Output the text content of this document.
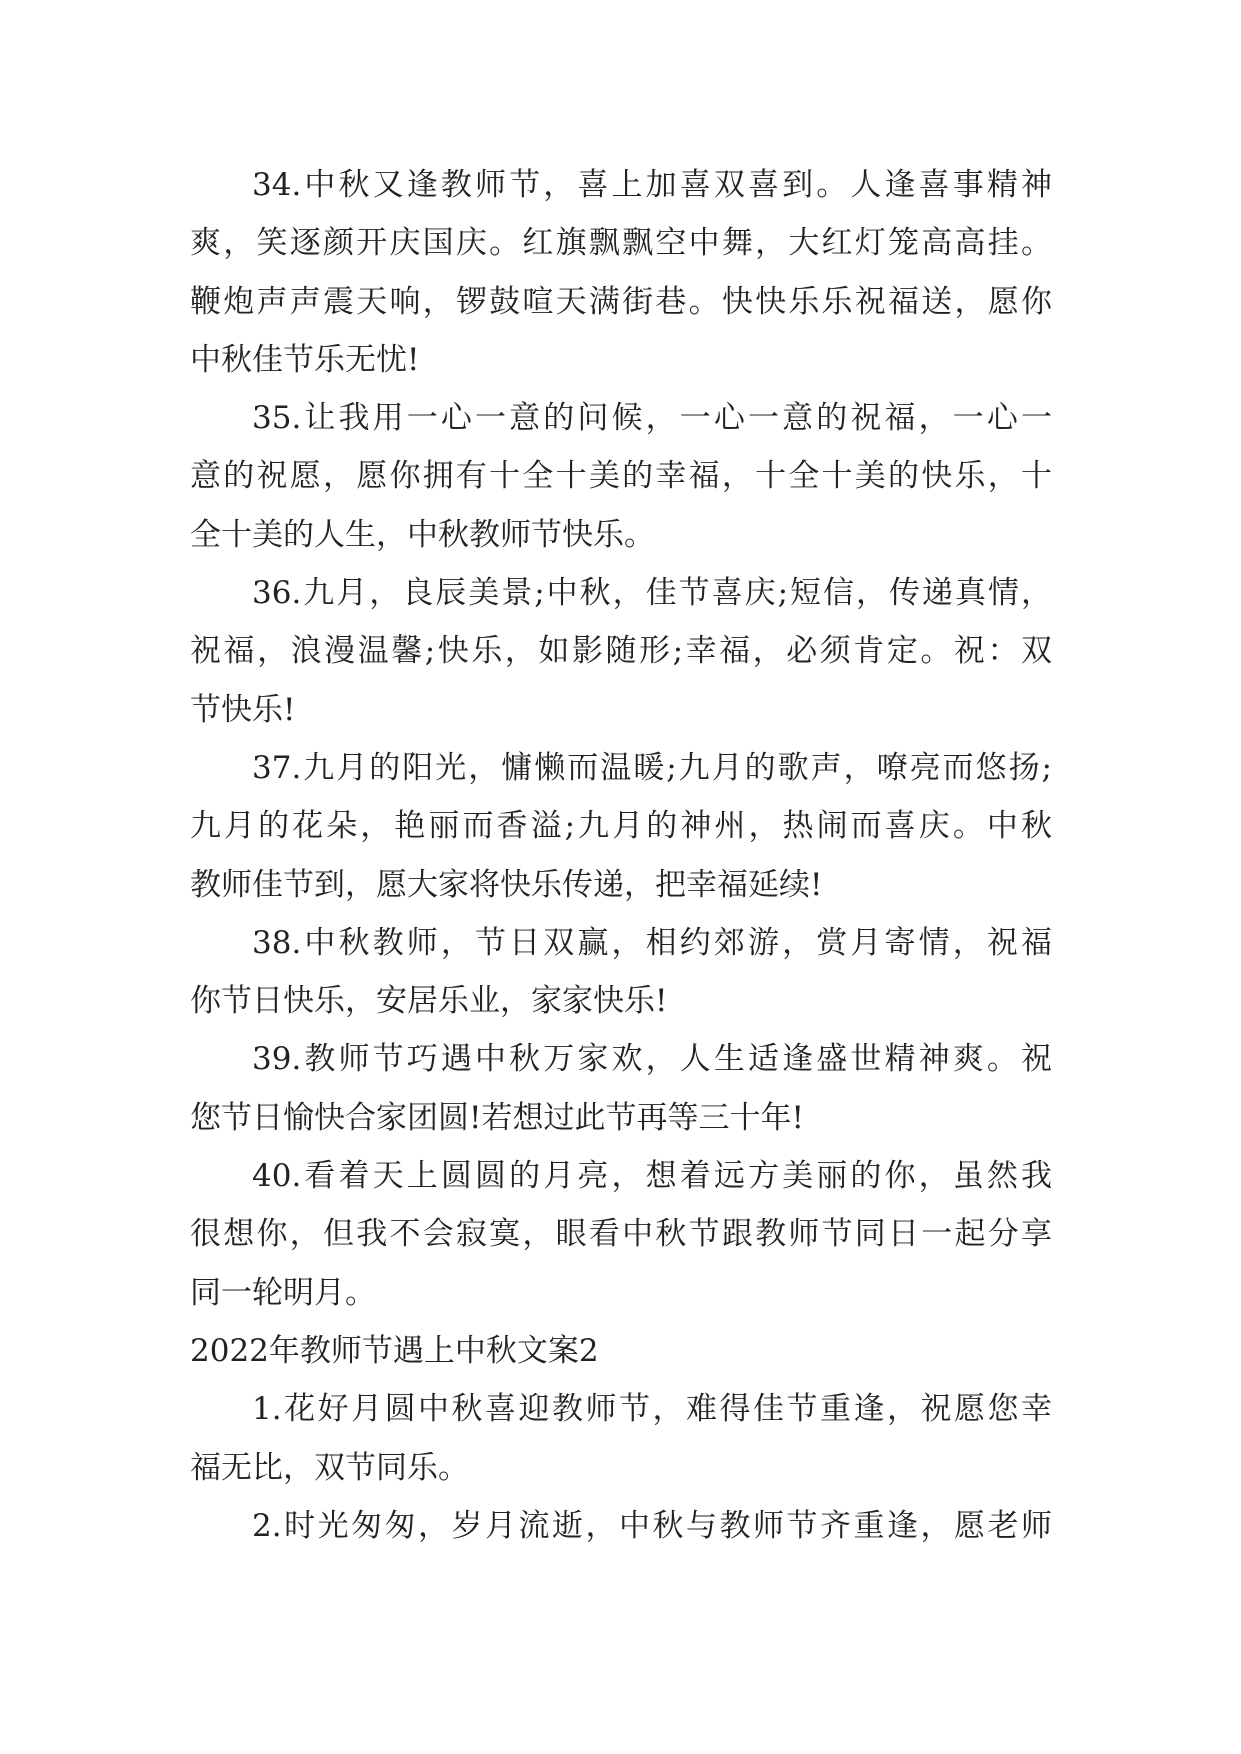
34.中秋又逢教师节，喜上加喜双喜到。人逢喜事精神
爽，笑逐颜开庆国庆。红旗飘飘空中舞，大红灯笼高高挂。
鞭炮声声震天响，锣鼓喧天满街巷。快快乐乐祝福送，愿你
中秋佳节乐无忧!
35.让我用一心一意的问候，一心一意的祝福，一心一
意的祝愿，愿你拥有十全十美的幸福，十全十美的快乐，十
全十美的人生，中秋教师节快乐。
36.九月，良辰美景;中秋，佳节喜庆;短信，传递真情，
祝福，浪漫温馨;快乐，如影随形;幸福，必须肯定。祝：双
节快乐!
37.九月的阳光，慵懒而温暖;九月的歌声，嘹亮而悠扬;
九月的花朵，艳丽而香溢;九月的神州，热闹而喜庆。中秋
教师佳节到，愿大家将快乐传递，把幸福延续!
38.中秋教师，节日双赢，相约郊游，赏月寄情，祝福
你节日快乐，安居乐业，家家快乐!
39.教师节巧遇中秋万家欢，人生适逢盛世精神爽。祝
您节日愉快合家团圆!若想过此节再等三十年!
40.看着天上圆圆的月亮，想着远方美丽的你，虽然我
很想你，但我不会寂寞，眼看中秋节跟教师节同日一起分享
同一轮明月。
2022年教师节遇上中秋文案2
1.花好月圆中秋喜迎教师节，难得佳节重逢，祝愿您幸
福无比，双节同乐。
2.时光匆匆，岁月流逝，中秋与教师节齐重逢，愿老师
